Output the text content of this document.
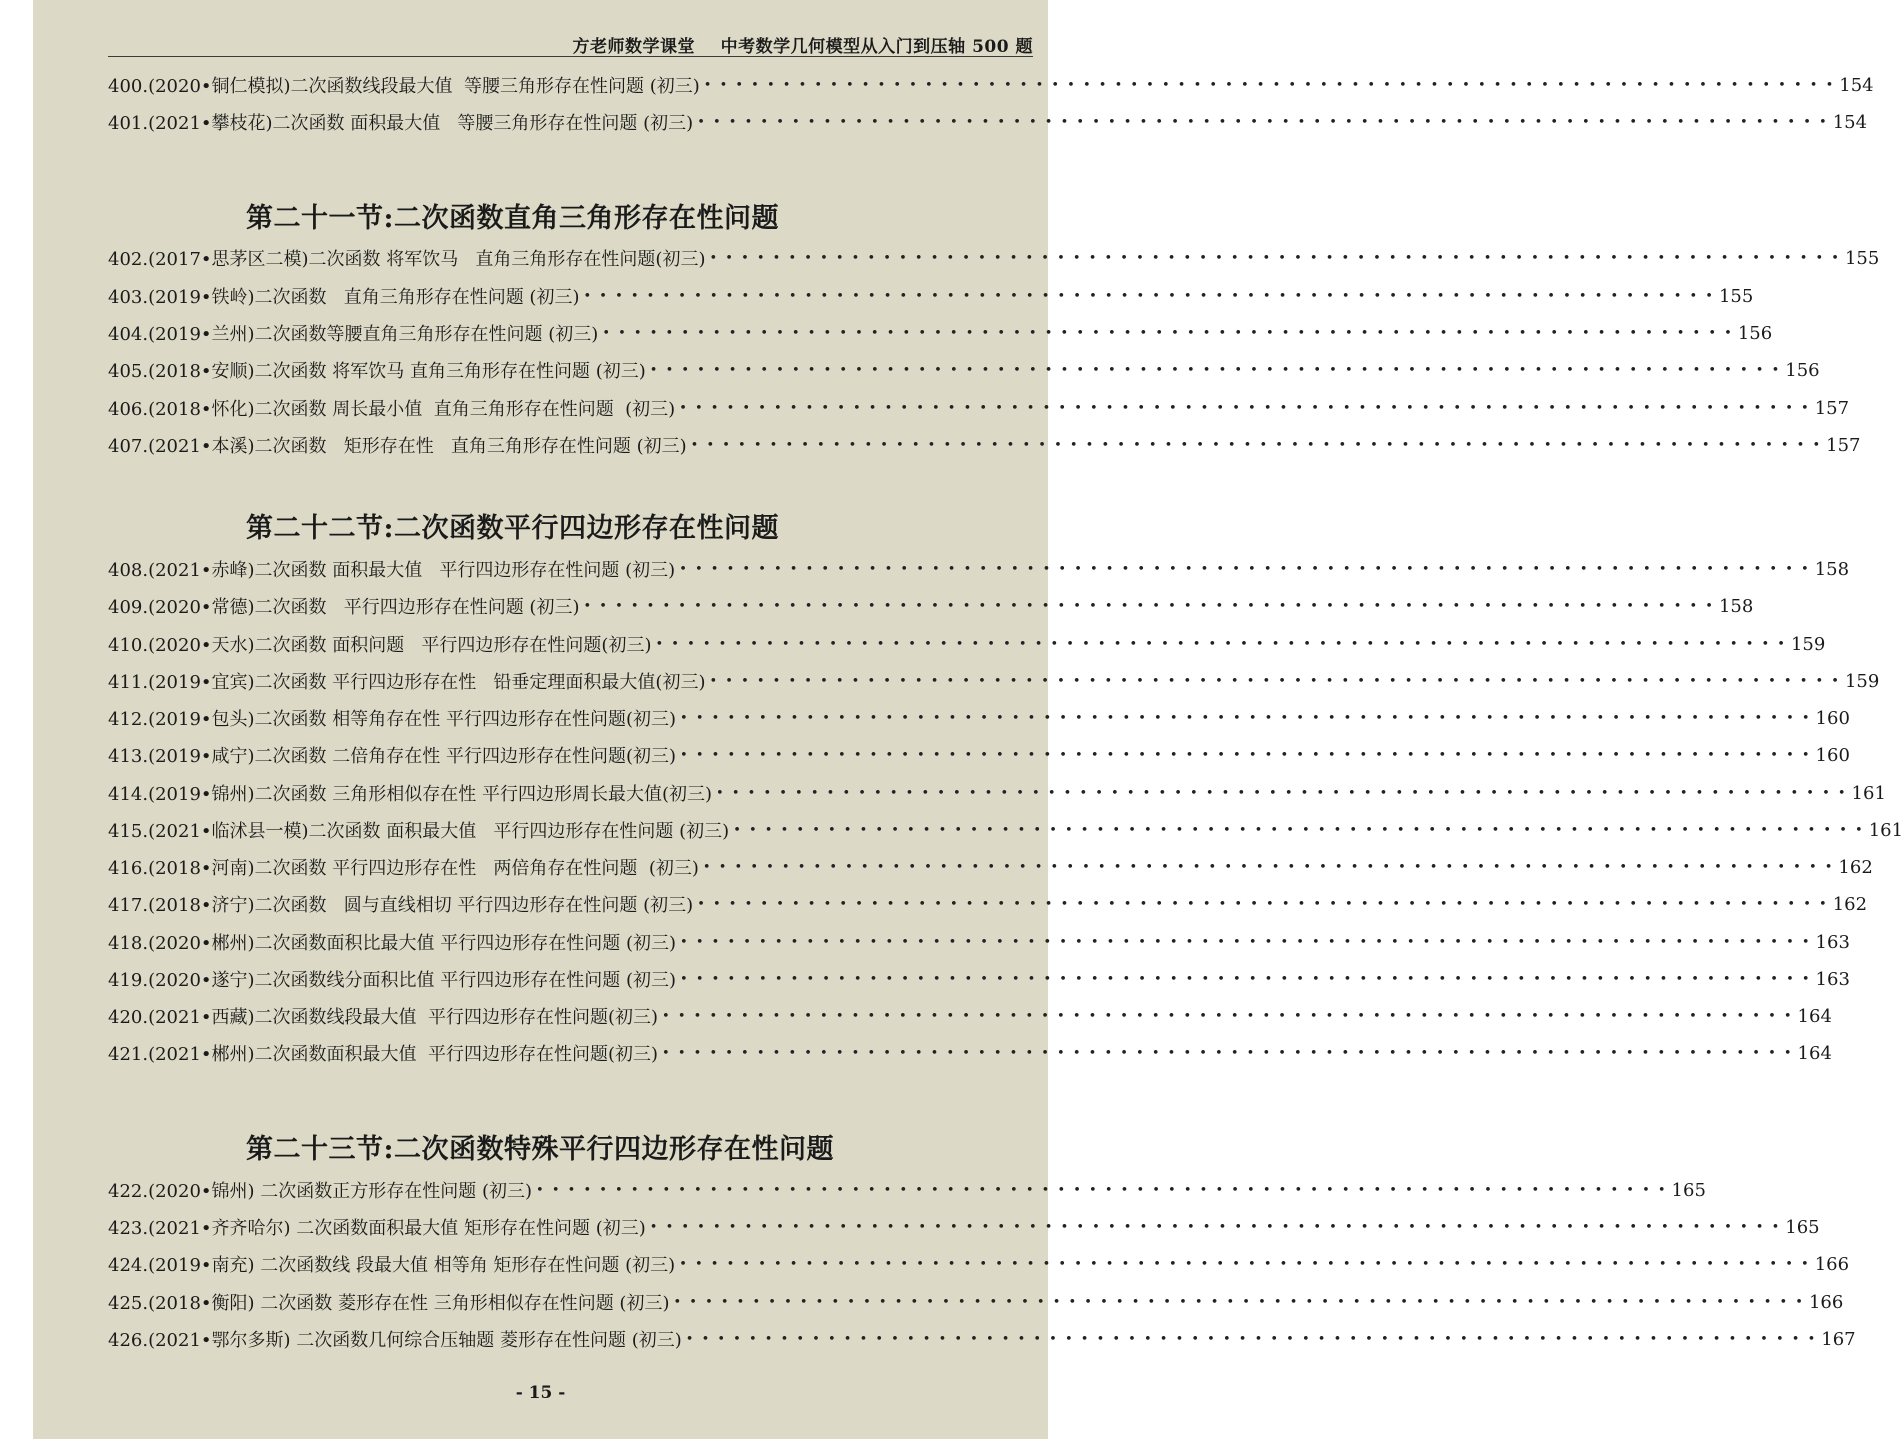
方老师数学课堂    中考数学几何模型从入门到压轴 500 题
400.(2020•铜仁模拟)二次函数线段最大值  等腰三角形存在性问题 (初三) • • • • • • • • • • • • • • • • • • • • • • • • • • • • • • • • • • • • • • • • • • • • • • • • • • • • • • • • • • • • • • • • • • • • • • • • 154
401.(2021•攀枝花)二次函数 面积最大值   等腰三角形存在性问题 (初三) • • • • • • • • • • • • • • • • • • • • • • • • • • • • • • • • • • • • • • • • • • • • • • • • • • • • • • • • • • • • • • • • • • • • • • • • 154
第二十一节:二次函数直角三角形存在性问题
402.(2017•思茅区二模)二次函数 将军饮马   直角三角形存在性问题(初三) • • • • • • • • • • • • • • • • • • • • • • • • • • • • • • • • • • • • • • • • • • • • • • • • • • • • • • • • • • • • • • • • • • • • • • • • 155
403.(2019•铁岭)二次函数   直角三角形存在性问题 (初三) • • • • • • • • • • • • • • • • • • • • • • • • • • • • • • • • • • • • • • • • • • • • • • • • • • • • • • • • • • • • • • • • • • • • • • • • 155
404.(2019•兰州)二次函数等腰直角三角形存在性问题 (初三) • • • • • • • • • • • • • • • • • • • • • • • • • • • • • • • • • • • • • • • • • • • • • • • • • • • • • • • • • • • • • • • • • • • • • • • • 156
405.(2018•安顺)二次函数 将军饮马 直角三角形存在性问题 (初三) • • • • • • • • • • • • • • • • • • • • • • • • • • • • • • • • • • • • • • • • • • • • • • • • • • • • • • • • • • • • • • • • • • • • • • • • 156
406.(2018•怀化)二次函数 周长最小值  直角三角形存在性问题  (初三) • • • • • • • • • • • • • • • • • • • • • • • • • • • • • • • • • • • • • • • • • • • • • • • • • • • • • • • • • • • • • • • • • • • • • • • • 157
407.(2021•本溪)二次函数   矩形存在性   直角三角形存在性问题 (初三) • • • • • • • • • • • • • • • • • • • • • • • • • • • • • • • • • • • • • • • • • • • • • • • • • • • • • • • • • • • • • • • • • • • • • • • • 157
第二十二节:二次函数平行四边形存在性问题
408.(2021•赤峰)二次函数 面积最大值   平行四边形存在性问题 (初三) • • • • • • • • • • • • • • • • • • • • • • • • • • • • • • • • • • • • • • • • • • • • • • • • • • • • • • • • • • • • • • • • • • • • • • • • 158
409.(2020•常德)二次函数   平行四边形存在性问题 (初三) • • • • • • • • • • • • • • • • • • • • • • • • • • • • • • • • • • • • • • • • • • • • • • • • • • • • • • • • • • • • • • • • • • • • • • • • 158
410.(2020•天水)二次函数 面积问题   平行四边形存在性问题(初三) • • • • • • • • • • • • • • • • • • • • • • • • • • • • • • • • • • • • • • • • • • • • • • • • • • • • • • • • • • • • • • • • • • • • • • • • 159
411.(2019•宜宾)二次函数 平行四边形存在性   铅垂定理面积最大值(初三) • • • • • • • • • • • • • • • • • • • • • • • • • • • • • • • • • • • • • • • • • • • • • • • • • • • • • • • • • • • • • • • • • • • • • • • • 159
412.(2019•包头)二次函数 相等角存在性 平行四边形存在性问题(初三) • • • • • • • • • • • • • • • • • • • • • • • • • • • • • • • • • • • • • • • • • • • • • • • • • • • • • • • • • • • • • • • • • • • • • • • • 160
413.(2019•咸宁)二次函数 二倍角存在性 平行四边形存在性问题(初三) • • • • • • • • • • • • • • • • • • • • • • • • • • • • • • • • • • • • • • • • • • • • • • • • • • • • • • • • • • • • • • • • • • • • • • • • 160
414.(2019•锦州)二次函数 三角形相似存在性 平行四边形周长最大值(初三) • • • • • • • • • • • • • • • • • • • • • • • • • • • • • • • • • • • • • • • • • • • • • • • • • • • • • • • • • • • • • • • • • • • • • • • • 161
415.(2021•临沭县一模)二次函数 面积最大值   平行四边形存在性问题 (初三) • • • • • • • • • • • • • • • • • • • • • • • • • • • • • • • • • • • • • • • • • • • • • • • • • • • • • • • • • • • • • • • • • • • • • • • • 161
416.(2018•河南)二次函数 平行四边形存在性   两倍角存在性问题  (初三) • • • • • • • • • • • • • • • • • • • • • • • • • • • • • • • • • • • • • • • • • • • • • • • • • • • • • • • • • • • • • • • • • • • • • • • • 162
417.(2018•济宁)二次函数   圆与直线相切 平行四边形存在性问题 (初三) • • • • • • • • • • • • • • • • • • • • • • • • • • • • • • • • • • • • • • • • • • • • • • • • • • • • • • • • • • • • • • • • • • • • • • • • 162
418.(2020•郴州)二次函数面积比最大值 平行四边形存在性问题 (初三) • • • • • • • • • • • • • • • • • • • • • • • • • • • • • • • • • • • • • • • • • • • • • • • • • • • • • • • • • • • • • • • • • • • • • • • • 163
419.(2020•遂宁)二次函数线分面积比值 平行四边形存在性问题 (初三) • • • • • • • • • • • • • • • • • • • • • • • • • • • • • • • • • • • • • • • • • • • • • • • • • • • • • • • • • • • • • • • • • • • • • • • • 163
420.(2021•西藏)二次函数线段最大值  平行四边形存在性问题(初三) • • • • • • • • • • • • • • • • • • • • • • • • • • • • • • • • • • • • • • • • • • • • • • • • • • • • • • • • • • • • • • • • • • • • • • • • 164
421.(2021•郴州)二次函数面积最大值  平行四边形存在性问题(初三) • • • • • • • • • • • • • • • • • • • • • • • • • • • • • • • • • • • • • • • • • • • • • • • • • • • • • • • • • • • • • • • • • • • • • • • • 164
第二十三节:二次函数特殊平行四边形存在性问题
422.(2020•锦州) 二次函数正方形存在性问题 (初三) • • • • • • • • • • • • • • • • • • • • • • • • • • • • • • • • • • • • • • • • • • • • • • • • • • • • • • • • • • • • • • • • • • • • • • • • 165
423.(2021•齐齐哈尔) 二次函数面积最大值 矩形存在性问题 (初三) • • • • • • • • • • • • • • • • • • • • • • • • • • • • • • • • • • • • • • • • • • • • • • • • • • • • • • • • • • • • • • • • • • • • • • • • 165
424.(2019•南充) 二次函数线 段最大值 相等角 矩形存在性问题 (初三) • • • • • • • • • • • • • • • • • • • • • • • • • • • • • • • • • • • • • • • • • • • • • • • • • • • • • • • • • • • • • • • • • • • • • • • • 166
425.(2018•衡阳) 二次函数 菱形存在性 三角形相似存在性问题 (初三) • • • • • • • • • • • • • • • • • • • • • • • • • • • • • • • • • • • • • • • • • • • • • • • • • • • • • • • • • • • • • • • • • • • • • • • • 166
426.(2021•鄂尔多斯) 二次函数几何综合压轴题 菱形存在性问题 (初三) • • • • • • • • • • • • • • • • • • • • • • • • • • • • • • • • • • • • • • • • • • • • • • • • • • • • • • • • • • • • • • • • • • • • • • • • 167
- 15 -
